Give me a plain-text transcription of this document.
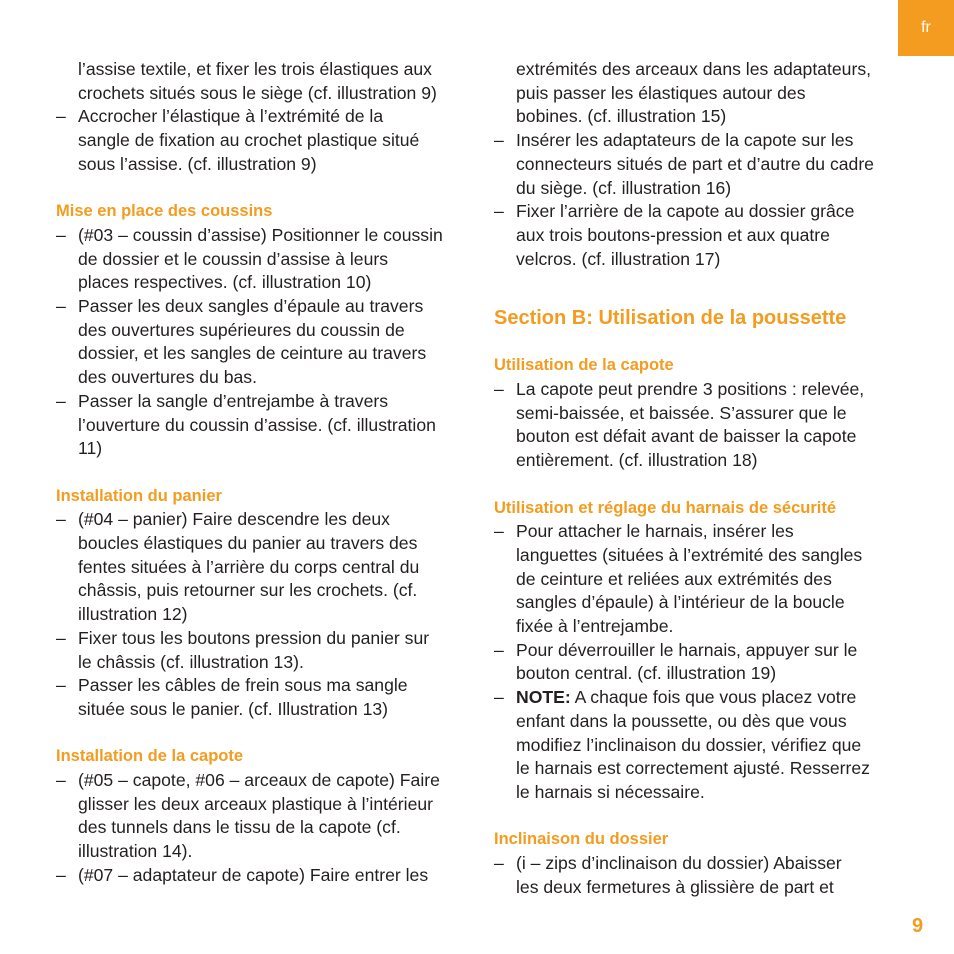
fr
l’assise textile, et fixer les trois élastiques aux
crochets situés sous le siège (cf. illustration 9)
– Accrocher l’élastique à l’extrémité de la
sangle de fixation au crochet plastique situé
sous l’assise. (cf. illustration 9)
Mise en place des coussins
– (#03 – coussin d’assise) Positionner le coussin
de dossier et le coussin d’assise à leurs
places respectives. (cf. illustration 10)
– Passer les deux sangles d’épaule au travers
des ouvertures supérieures du coussin de
dossier, et les sangles de ceinture au travers
des ouvertures du bas.
– Passer la sangle d’entrejambe à travers
l’ouverture du coussin d’assise. (cf. illustration
11)
Installation du panier
– (#04 – panier) Faire descendre les deux
boucles élastiques du panier au travers des
fentes situées à l’arrière du corps central du
châssis, puis retourner sur les crochets. (cf.
illustration 12)
– Fixer tous les boutons pression du panier sur
le châssis (cf. illustration 13).
– Passer les câbles de frein sous ma sangle
située sous le panier. (cf. Illustration 13)
Installation de la capote
– (#05 – capote, #06 – arceaux de capote) Faire
glisser les deux arceaux plastique à l’intérieur
des tunnels dans le tissu de la capote (cf.
illustration 14).
– (#07 – adaptateur de capote) Faire entrer les
extrémités des arceaux dans les adaptateurs,
puis passer les élastiques autour des
bobines. (cf. illustration 15)
– Insérer les adaptateurs de la capote sur les
connecteurs situés de part et d’autre du cadre
du siège. (cf. illustration 16)
– Fixer l’arrière de la capote au dossier grâce
aux trois boutons-pression et aux quatre
velcros. (cf. illustration 17)
Section B: Utilisation de la poussette
Utilisation de la capote
– La capote peut prendre 3 positions : relevée,
semi-baissée, et baissée. S’assurer que le
bouton est défait avant de baisser la capote
entièrement. (cf. illustration 18)
Utilisation et réglage du harnais de sécurité
– Pour attacher le harnais, insérer les
languettes (situées à l’extrémité des sangles
de ceinture et reliées aux extrémités des
sangles d’épaule) à l’intérieur de la boucle
fixée à l’entrejambe.
– Pour déverrouiller le harnais, appuyer sur le
bouton central. (cf. illustration 19)
– NOTE: A chaque fois que vous placez votre
enfant dans la poussette, ou dès que vous
modifiez l’inclinaison du dossier, vérifiez que
le harnais est correctement ajusté. Resserrez
le harnais si nécessaire.
Inclinaison du dossier
– (i – zips d’inclinaison du dossier) Abaisser
les deux fermetures à glissière de part et
9
